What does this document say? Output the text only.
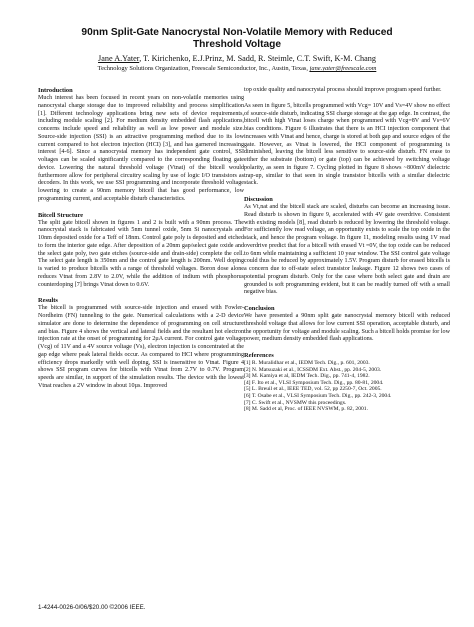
90nm Split-Gate Nanocrystal Non-Volatile Memory with Reduced
Threshold Voltage
Jane A.Yater, T. Kirichenko, E.J.Prinz, M. Sadd, R. Steimle, C.T. Swift, K-M. Chang
Technology Solutions Organization, Freescale Semiconductor, Inc., Austin, Texas, jane.yater@freescale.com
Introduction

Much interest has been focused in recent years on non-volatile memories using nanocrystal charge storage due to improved reliability and process simplification [1]. Different technology applications bring new sets of device requirements, including module scaling [2]. For medium density embedded flash applications, concerns include speed and reliability as well as low power and module size. Source-side injection (SSI) is an attractive programming method due to its low current compared to hot electron injection (HCI) [3], and has garnered increasing interest [4-6]. Since a nanocrystal memory has independent gate control, SSI voltages can be scaled significantly compared to the corresponding floating gate device. Lowering the natural threshold voltage (Vtnat) of the bitcell would furthermore allow for peripheral circuitry scaling by use of logic I/O transistors as decoders. In this work, we use SSI programming and incorporate threshold voltage lowering to create a 90nm memory bitcell that has good performance, low programming current, and acceptable disturb characteristics.

Bitcell Structure

The split gate bitcell shown in figures 1 and 2 is built with a 90nm process. The nanocrystal stack is fabricated with 5nm tunnel oxide, 5nm Si nanocrystals and 10nm deposited oxide for a Teff of 18nm. Control gate poly is deposited and etched to form the interior gate edge. After deposition of a 20nm gap/select gate oxide and the select gate poly, two gate etches (source-side and drain-side) complete the cell. The select gate length is 350nm and the control gate length is 200nm. Well doping is varied to produce bitcells with a range of threshold voltages. Boron dose alone reduces Vtnat from 2.8V to 2.0V, while the addition of indium with phosphorus counterdoping [7] brings Vtnat down to 0.6V.

Results

The bitcell is programmed with source-side injection and erased with Fowler-Nordheim (FN) tunneling to the gate. Numerical calculations with a 2-D device simulator are done to determine the dependence of programming on cell structure and bias. Figure 4 shows the vertical and lateral fields and the resultant hot electron injection rate at the onset of programming for 2µA current. For control gate voltage (Vcg) of 11V and a 4V source voltage (Vs), electron injection is concentrated at the gap edge where peak lateral fields occur. As compared to HCI where programming efficiency drops markedly with well doping, SSI is insensitive to Vtnat. Figure 4 shows SSI program curves for bitcells with Vtnat from 2.7V to 0.7V. Program speeds are similar, in support of the simulation results. The device with the lowest Vtnat reaches a 2V window in about 10µs. Improved

top oxide quality and nanocrystal process should improve program speed further.

As seen in figure 5, bitcells programmed with Vcg= 10V and Vs=4V show no effect of source-side disturb, indicating SSI charge storage at the gap edge. In contrast, the bitcell with high Vtnat loses charge when programmed with Vcg=8V and Vs=6V bias conditions. Figure 6 illustrates that there is an HCI injection component that increases with Vtnat and hence, charge is stored at both gap and source edges of the gate. However, as Vtnat is lowered, the HCI component of programming is diminished, leaving the bitcell less sensitive to source-side disturb. FN erase to either the substrate (bottom) or gate (top) can be achieved by switching voltage polarity, as seen in figure 7. Cycling plotted in figure 8 shows ~800mV dielectric trap-up, similar to that seen in single transistor bitcells with a similar dielectric stack.

Discussion

As Vt,nat and the bitcell stack are scaled, disturbs can become an increasing issue. Read disturb is shown in figure 9, accelerated with 4V gate overdrive. Consistent with existing models [8], read disturb is reduced by lowering the threshold voltage. For sufficiently low read voltage, an opportunity exists to scale the top oxide in the stack, and hence the program voltage. In figure 11, modeling results using 1V read overdrive predict that for a bitcell with erased Vt =0V, the top oxide can be reduced to 6nm while maintaining a sufficient 10 year window. The SSI control gate voltage could thus be reduced by approximately 1.5V. Program disturb for erased bitcells is a concern due to off-state select transistor leakage. Figure 12 shows two cases of potential program disturb. Only for the case where both select gate and drain are grounded is soft programming evident, but it can be readily turned off with a small negative bias.

Conclusion

We have presented a 90nm split gate nanocrystal memory bitcell with reduced threshold voltage that allows for low current SSI operation, acceptable disturb, and the opportunity for voltage and module scaling. Such a bitcell holds promise for low power, medium density embedded flash applications.

References
[1] R. Muralidhar et al., IEDM Tech. Dig., p. 601, 2003.
[2] N. Matsuzaki et al., ICSSDM Ext. Abst., pp. 204-5, 2003.
[3] M. Kamiya et al, IEDM Tech. Dig., pp. 741-4, 1982.
[4] F. Ito et al., VLSI Symposium Tech. Dig., pp. 80-81, 2004.
[5] L. Breuil et al., IEEE TED, vol. 52, pp 2250-7, Oct. 2005.
[6] T. Osabe et al., VLSI Symposium Tech. Dig., pp. 242-3, 2004.
[7] C. Swift et al., NVSMW this proceedings.
[8] M. Sadd et al, Proc. of IEEE NVSWM, p. 82, 2001.
1-4244-0026-0/06/$20.00 ©2006 IEEE.
